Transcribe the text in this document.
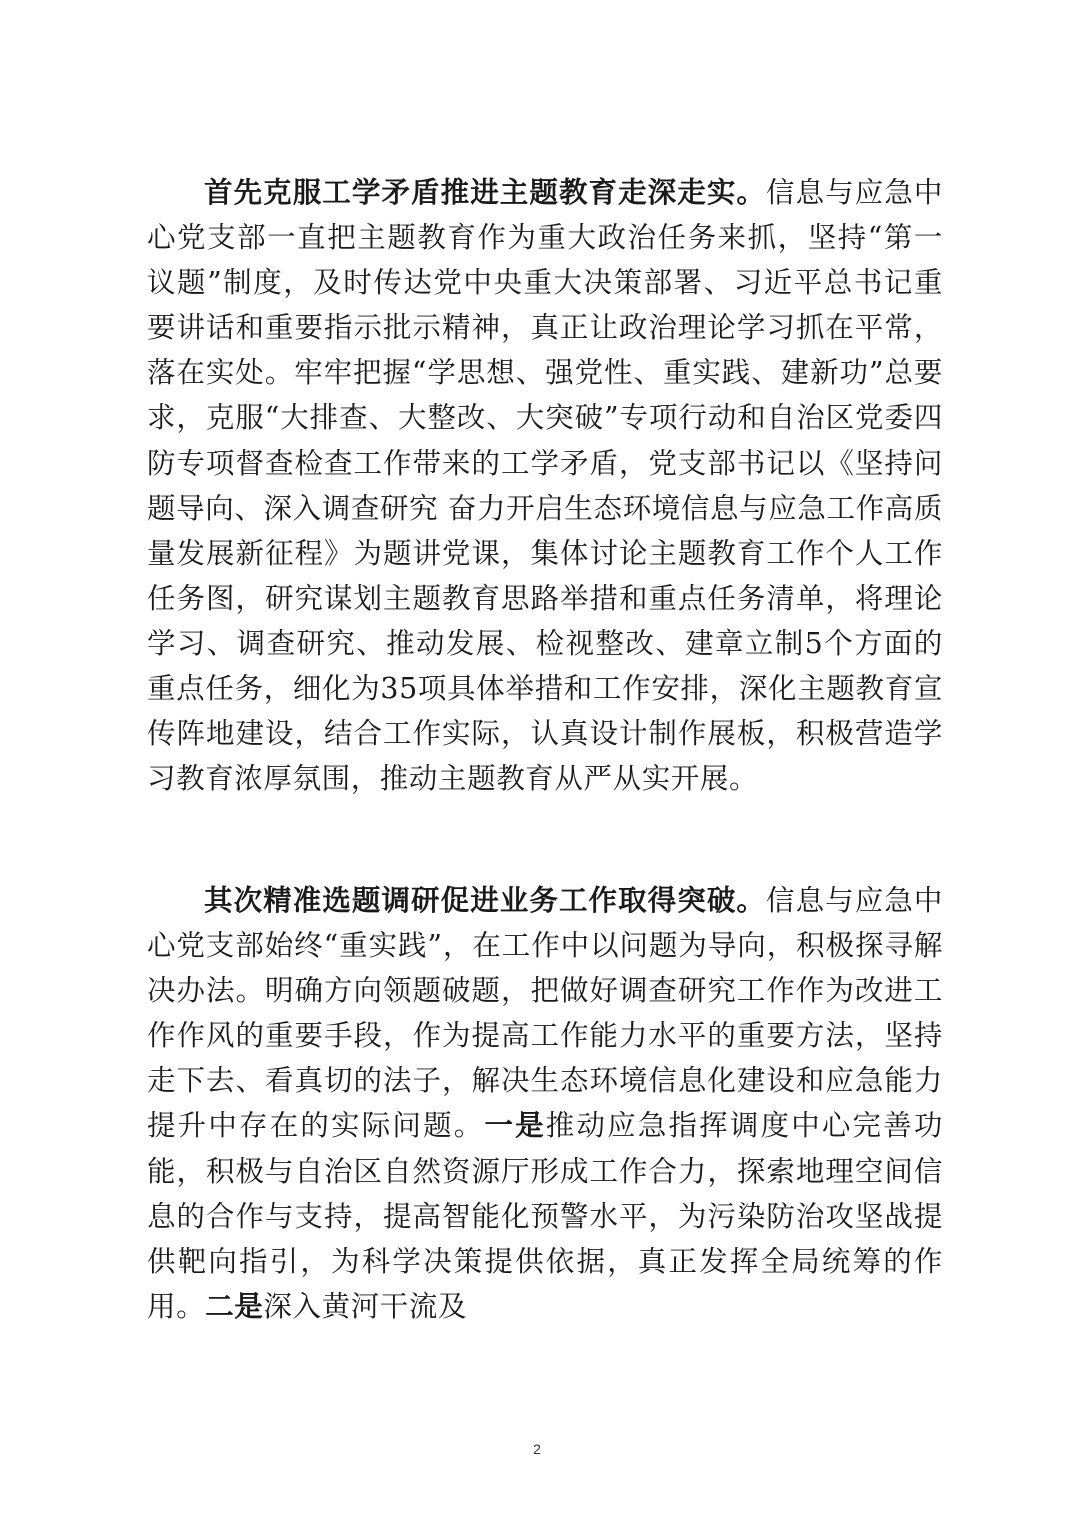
首先克服工学矛盾推进主题教育走深走实。信息与应急中心党支部一直把主题教育作为重大政治任务来抓，坚持“第一议题”制度，及时传达党中央重大决策部署、习近平总书记重要讲话和重要指示批示精神，真正让政治理论学习抓在平常，落在实处。牢牢把握“学思想、强党性、重实践、建新功”总要求，克服“大排查、大整改、大突破”专项行动和自治区党委四防专项督查检查工作带来的工学矛盾，党支部书记以《坚持问题导向、深入调查研究 奋力开启生态环境信息与应急工作高质量发展新征程》为题讲党课，集体讨论主题教育工作个人工作任务图，研究谋划主题教育思路举措和重点任务清单，将理论学习、调查研究、推动发展、检视整改、建章立制5个方面的重点任务，细化为35项具体举措和工作安排，深化主题教育宣传阵地建设，结合工作实际，认真设计制作展板，积极营造学习教育浓厚氛围，推动主题教育从严从实开展。

其次精准选题调研促进业务工作取得突破。信息与应急中心党支部始终“重实践”，在工作中以问题为导向，积极探寻解决办法。明确方向领题破题，把做好调查研究工作作为改进工作作风的重要手段，作为提高工作能力水平的重要方法，坚持走下去、看真切的法子，解决生态环境信息化建设和应急能力提升中存在的实际问题。一是推动应急指挥调度中心完善功能，积极与自治区自然资源厅形成工作合力，探索地理空间信息的合作与支持，提高智能化预警水平，为污染防治攻坚战提供靶向指引，为科学决策提供依据，真正发挥全局统筹的作用。二是深入黄河干流及

2
